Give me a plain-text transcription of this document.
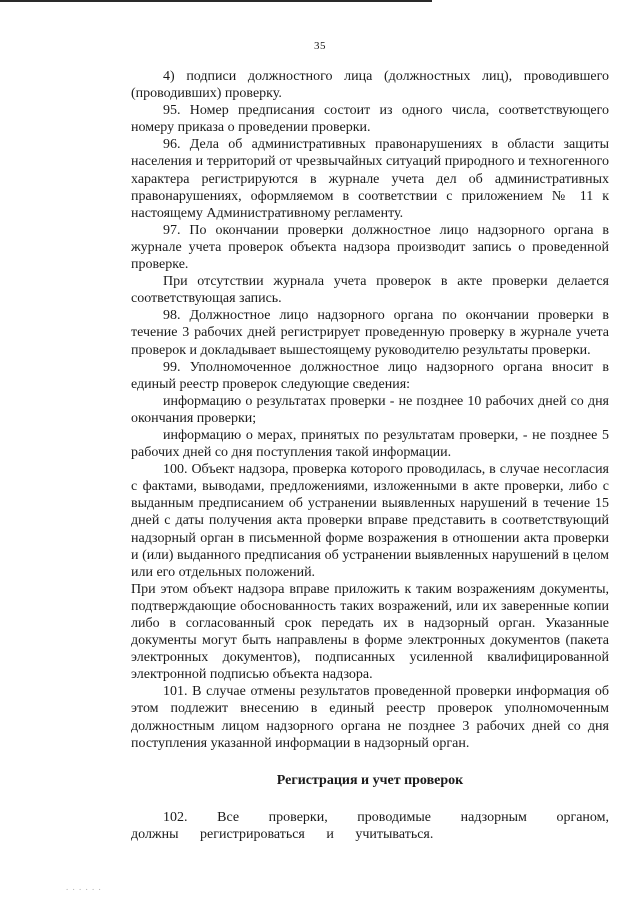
35

4) подписи должностного лица (должностных лиц), проводившего (проводивших) проверку.

95. Номер предписания состоит из одного числа, соответствующего номеру приказа о проведении проверки.

96. Дела об административных правонарушениях в области защиты населения и территорий от чрезвычайных ситуаций природного и техногенного характера регистрируются в журнале учета дел об административных правонарушениях, оформляемом в соответствии с приложением № 11 к настоящему Административному регламенту.

97. По окончании проверки должностное лицо надзорного органа в журнале учета проверок объекта надзора производит запись о проведенной проверке.

При отсутствии журнала учета проверок в акте проверки делается соответствующая запись.

98. Должностное лицо надзорного органа по окончании проверки в течение 3 рабочих дней регистрирует проведенную проверку в журнале учета проверок и докладывает вышестоящему руководителю результаты проверки.

99. Уполномоченное должностное лицо надзорного органа вносит в единый реестр проверок следующие сведения:

информацию о результатах проверки - не позднее 10 рабочих дней со дня окончания проверки;

информацию о мерах, принятых по результатам проверки, - не позднее 5 рабочих дней со дня поступления такой информации.

100. Объект надзора, проверка которого проводилась, в случае несогласия с фактами, выводами, предложениями, изложенными в акте проверки, либо с выданным предписанием об устранении выявленных нарушений в течение 15 дней с даты получения акта проверки вправе представить в соответствующий надзорный орган в письменной форме возражения в отношении акта проверки и (или) выданного предписания об устранении выявленных нарушений в целом или его отдельных положений.

При этом объект надзора вправе приложить к таким возражениям документы, подтверждающие обоснованность таких возражений, или их заверенные копии либо в согласованный срок передать их в надзорный орган. Указанные документы могут быть направлены в форме электронных документов (пакета электронных документов), подписанных усиленной квалифицированной электронной подписью объекта надзора.

101. В случае отмены результатов проведенной проверки информация об этом подлежит внесению в единый реестр проверок уполномоченным должностным лицом надзорного органа не позднее 3 рабочих дней со дня поступления указанной информации в надзорный орган.

Регистрация и учет проверок

102. Все проверки, проводимые надзорным органом, должны регистрироваться и учитываться.

. . . . . .
